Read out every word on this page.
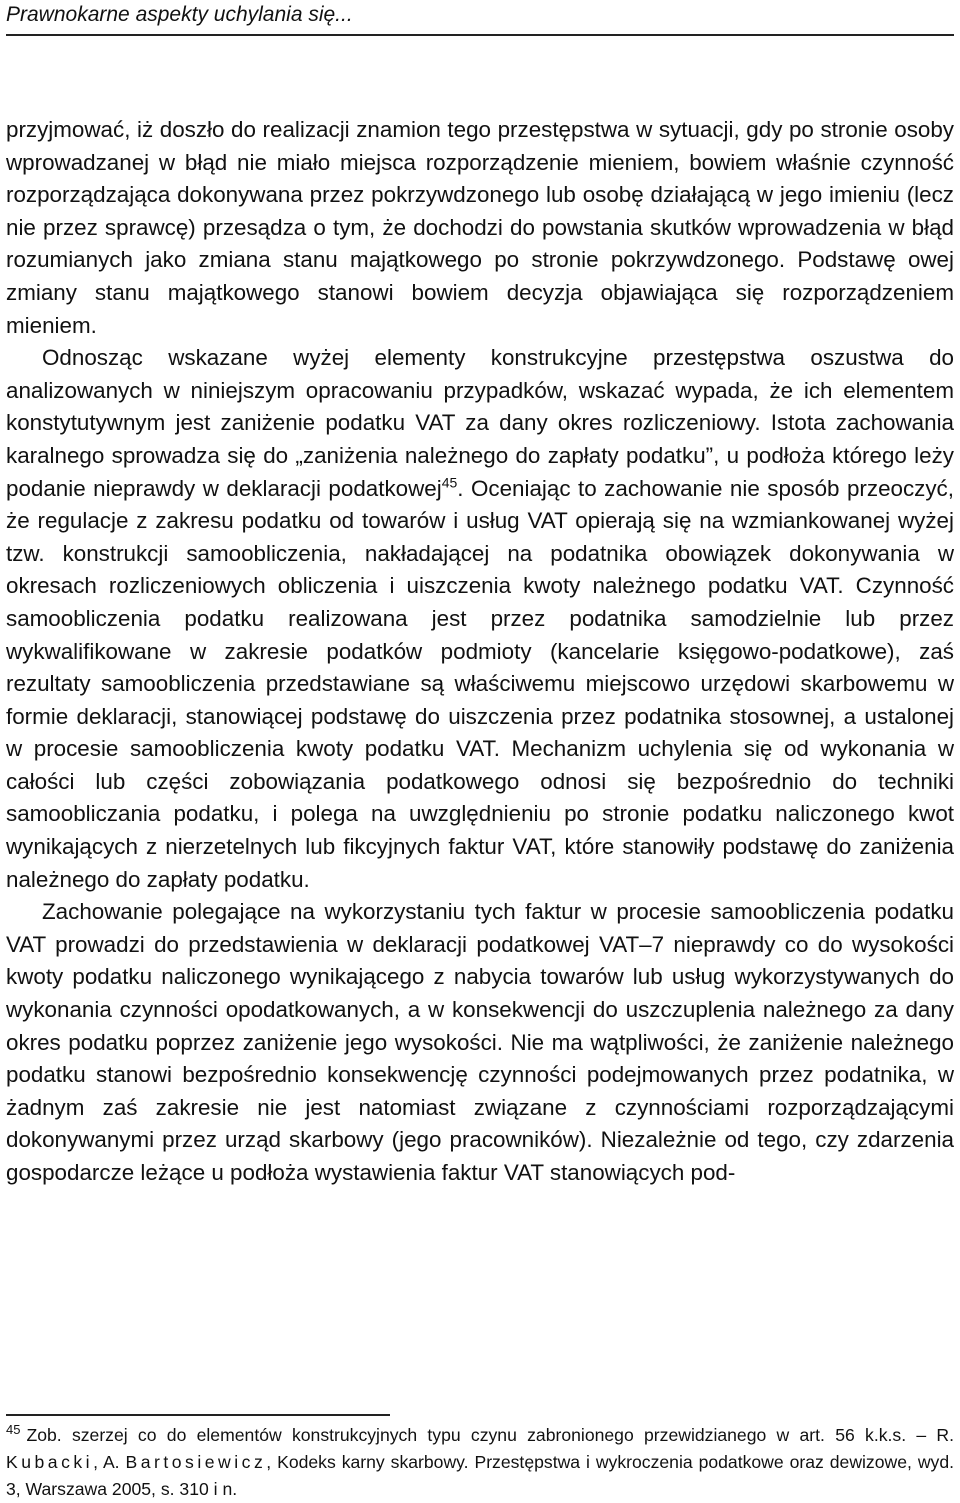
Prawnokarne aspekty uchylania się...

przyjmować, iż doszło do realizacji znamion tego przestępstwa w sytuacji, gdy po stronie osoby wprowadzanej w błąd nie miało miejsca rozporządzenie mieniem, bowiem właśnie czynność rozporządzająca dokonywana przez pokrzywdzonego lub osobę działającą w jego imieniu (lecz nie przez sprawcę) przesądza o tym, że dochodzi do powstania skutków wprowadzenia w błąd rozumianych jako zmiana stanu majątkowego po stronie pokrzywdzonego. Podstawę owej zmiany stanu majątkowego stanowi bowiem decyzja objawiająca się rozporządzeniem mieniem.

Odnosząc wskazane wyżej elementy konstrukcyjne przestępstwa oszustwa do analizowanych w niniejszym opracowaniu przypadków, wskazać wypada, że ich elementem konstytutywnym jest zaniżenie podatku VAT za dany okres rozliczeniowy. Istota zachowania karalnego sprowadza się do „zaniżenia należnego do zapłaty podatku”, u podłoża którego leży podanie nieprawdy w deklaracji podatkowej$^{45}$. Oceniając to zachowanie nie sposób przeoczyć, że regulacje z zakresu podatku od towarów i usług VAT opierają się na wzmiankowanej wyżej tzw. konstrukcji samoobliczenia, nakładającej na podatnika obowiązek dokonywania w okresach rozliczeniowych obliczenia i uiszczenia kwoty należnego podatku VAT. Czynność samoobliczenia podatku realizowana jest przez podatnika samodzielnie lub przez wykwalifikowane w zakresie podatków podmioty (kancelarie księgowo-podatkowe), zaś rezultaty samoobliczenia przedstawiane są właściwemu miejscowo urzędowi skarbowemu w formie deklaracji, stanowiącej podstawę do uiszczenia przez podatnika stosownej, a ustalonej w procesie samoobliczenia kwoty podatku VAT. Mechanizm uchylenia się od wykonania w całości lub części zobowiązania podatkowego odnosi się bezpośrednio do techniki samoobliczania podatku, i polega na uwzględnieniu po stronie podatku naliczonego kwot wynikających z nierzetelnych lub fikcyjnych faktur VAT, które stanowiły podstawę do zaniżenia należnego do zapłaty podatku.

Zachowanie polegające na wykorzystaniu tych faktur w procesie samoobliczenia podatku VAT prowadzi do przedstawienia w deklaracji podatkowej VAT–7 nieprawdy co do wysokości kwoty podatku naliczonego wynikającego z nabycia towarów lub usług wykorzystywanych do wykonania czynności opodatkowanych, a w konsekwencji do uszczuplenia należnego za dany okres podatku poprzez zaniżenie jego wysokości. Nie ma wątpliwości, że zaniżenie należnego podatku stanowi bezpośrednio konsekwencję czynności podejmowanych przez podatnika, w żadnym zaś zakresie nie jest natomiast związane z czynnościami rozporządzającymi dokonywanymi przez urząd skarbowy (jego pracowników). Niezależnie od tego, czy zdarzenia gospodarcze leżące u podłoża wystawienia faktur VAT stanowiących pod-

$^{45}$ Zob. szerzej co do elementów konstrukcyjnych typu czynu zabronionego przewidzianego w art. 56 k.k.s. – R. Kubacki, A. Bartosiewicz, Kodeks karny skarbowy. Przestępstwa i wykroczenia podatkowe oraz dewizowe, wyd. 3, Warszawa 2005, s. 310 i n.
